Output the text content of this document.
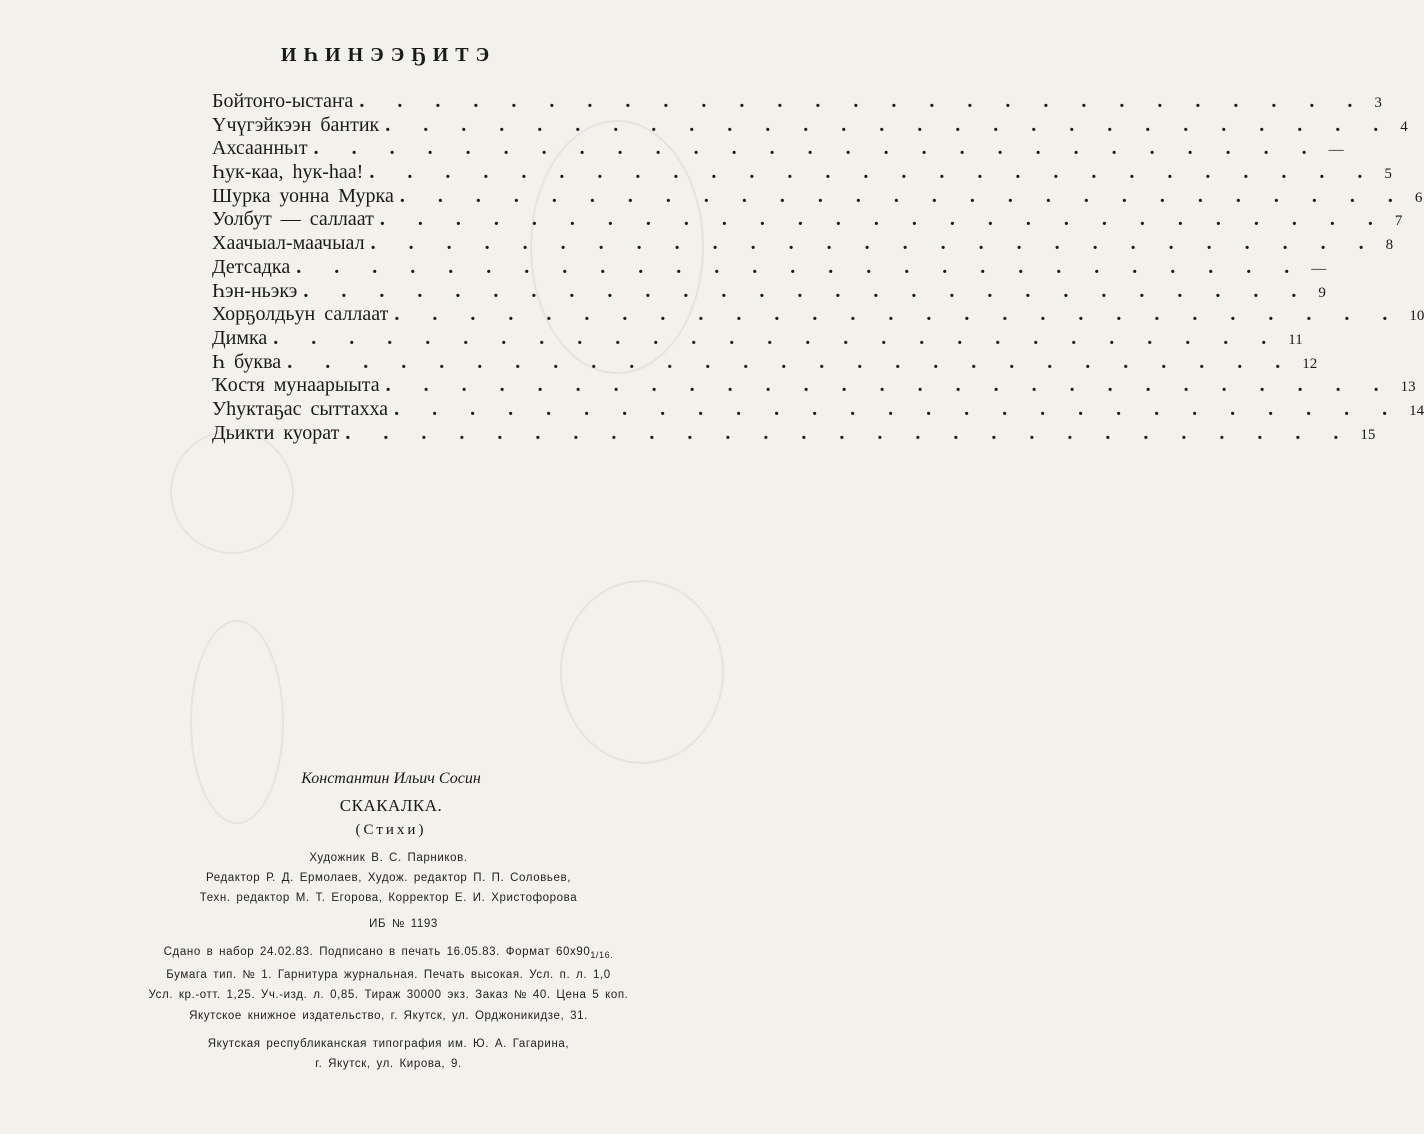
ИҺИНЭЭҔИТЭ
Бойтоҥо-ыстаҥа . . . . . . . . . . . . . . . . . . . . . . . . . . . 3
Үчүгэйкээн бантик . . . . . . . . . . . . . . . . . . . . . . . . . . . 4
Ахсаанньıт . . . . . . . . . . . . . . . . . . . . . . . . . . . —
Һук-каа, һук-һаа! . . . . . . . . . . . . . . . . . . . . . . . . . . . 5
Шурка уонна Мурка . . . . . . . . . . . . . . . . . . . . . . . . . . . 6
Уолбут — саллаат . . . . . . . . . . . . . . . . . . . . . . . . . . . 7
Хаачыал-маачыал . . . . . . . . . . . . . . . . . . . . . . . . . . . 8
Детсадка . . . . . . . . . . . . . . . . . . . . . . . . . . . —
Һэн-ньэкэ . . . . . . . . . . . . . . . . . . . . . . . . . . . 9
Хорҕолдьун саллаат . . . . . . . . . . . . . . . . . . . . . . . . . . . 10
Димка . . . . . . . . . . . . . . . . . . . . . . . . . . . 11
Һ буква . . . . . . . . . . . . . . . . . . . . . . . . . . . 12
Ҡостя мунаарыыта . . . . . . . . . . . . . . . . . . . . . . . . . . . 13
Уһуктаҕас сыттахха . . . . . . . . . . . . . . . . . . . . . . . . . . . 14
Дьикти куорат . . . . . . . . . . . . . . . . . . . . . . . . . . . 15
Константин Ильич Сосин
СКАКАЛКА.
(Стихи)
Художник В. С. Парников.
Редактор Р. Д. Ермолаев, Худож. редактор П. П. Соловьев,
Техн. редактор М. Т. Егорова, Корректор Е. И. Христофорова
ИБ № 1193
Сдано в набор 24.02.83. Подписано в печать 16.05.83. Формат $60х90_{1/16.}$
Бумага тип. № 1. Гарнитура журнальная. Печать высокая. Усл. п. л. 1,0
Усл. кр.-отт. 1,25. Уч.-изд. л. 0,85. Тираж 30000 экз. Заказ № 40. Цена 5 коп.
Якутское книжное издательство, г. Якутск, ул. Орджоникидзе, 31.
Якутская республиканская типография им. Ю. А. Гагарина,
г. Якутск, ул. Кирова, 9.
